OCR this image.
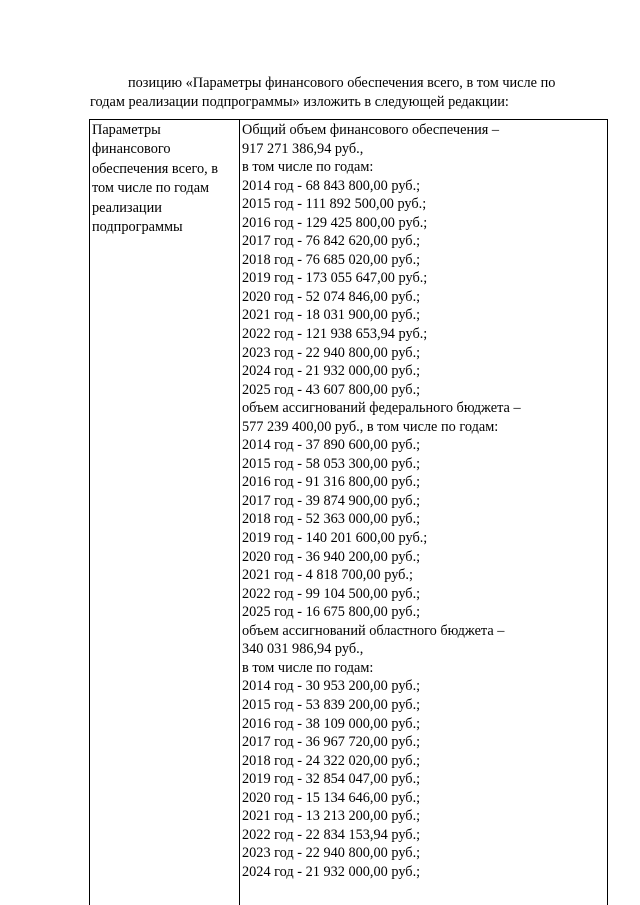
позицию «Параметры финансового обеспечения всего, в том числе по
годам реализации подпрограммы» изложить в следующей редакции:
Параметры
финансового
обеспечения всего, в
том числе по годам
реализации
подпрограммы
Общий объем финансового обеспечения –
917 271 386,94 руб.,
в том числе по годам:
2014 год - 68 843 800,00 руб.;
2015 год - 111 892 500,00 руб.;
2016 год - 129 425 800,00 руб.;
2017 год - 76 842 620,00 руб.;
2018 год - 76 685 020,00 руб.;
2019 год - 173 055 647,00 руб.;
2020 год - 52 074 846,00 руб.;
2021 год - 18 031 900,00 руб.;
2022 год - 121 938 653,94 руб.;
2023 год - 22 940 800,00 руб.;
2024 год - 21 932 000,00 руб.;
2025 год - 43 607 800,00 руб.;
объем ассигнований федерального бюджета –
577 239 400,00 руб., в том числе по годам:
2014 год - 37 890 600,00 руб.;
2015 год - 58 053 300,00 руб.;
2016 год - 91 316 800,00 руб.;
2017 год - 39 874 900,00 руб.;
2018 год - 52 363 000,00 руб.;
2019 год - 140 201 600,00 руб.;
2020 год - 36 940 200,00 руб.;
2021 год - 4 818 700,00 руб.;
2022 год - 99 104 500,00 руб.;
2025 год - 16 675 800,00 руб.;
объем ассигнований областного бюджета –
340 031 986,94 руб.,
в том числе по годам:
2014 год - 30 953 200,00 руб.;
2015 год - 53 839 200,00 руб.;
2016 год - 38 109 000,00 руб.;
2017 год - 36 967 720,00 руб.;
2018 год - 24 322 020,00 руб.;
2019 год - 32 854 047,00 руб.;
2020 год - 15 134 646,00 руб.;
2021 год - 13 213 200,00 руб.;
2022 год - 22 834 153,94 руб.;
2023 год - 22 940 800,00 руб.;
2024 год - 21 932 000,00 руб.;
